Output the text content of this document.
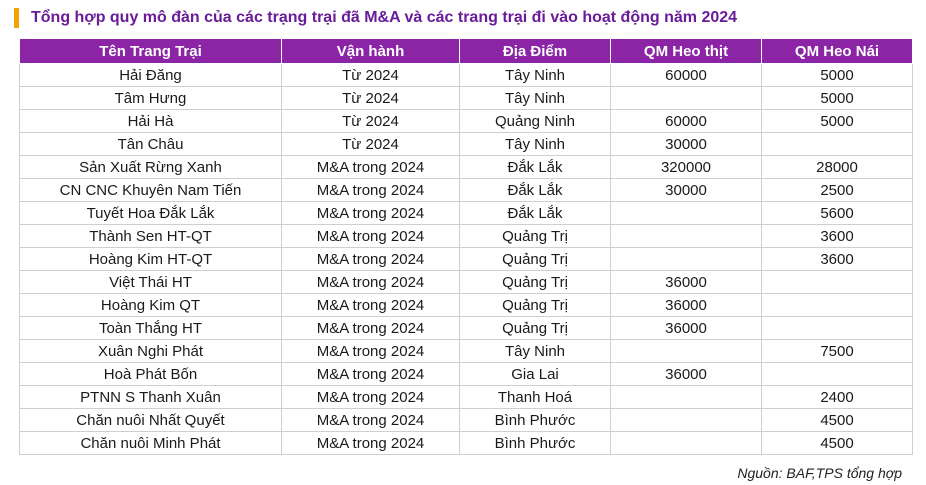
Tổng hợp quy mô đàn của các trạng trại đã M&A và các trang trại đi vào hoạt động năm 2024
Tên Trang Trại	Vận hành	Địa Điểm	QM Heo thịt	QM Heo Nái
Hải Đăng	Từ 2024	Tây Ninh	60000	5000
Tâm Hưng	Từ 2024	Tây Ninh		5000
Hải Hà	Từ 2024	Quảng Ninh	60000	5000
Tân Châu	Từ 2024	Tây Ninh	30000	
Sản Xuất Rừng Xanh	M&A trong 2024	Đắk Lắk	320000	28000
CN CNC Khuyên Nam Tiến	M&A trong 2024	Đắk Lắk	30000	2500
Tuyết Hoa Đắk Lắk	M&A trong 2024	Đắk Lắk		5600
Thành Sen HT-QT	M&A trong 2024	Quảng Trị		3600
Hoàng Kim HT-QT	M&A trong 2024	Quảng Trị		3600
Việt Thái HT	M&A trong 2024	Quảng Trị	36000	
Hoàng Kim QT	M&A trong 2024	Quảng Trị	36000	
Toàn Thắng HT	M&A trong 2024	Quảng Trị	36000	
Xuân Nghi Phát	M&A trong 2024	Tây Ninh		7500
Hoà Phát Bốn	M&A trong 2024	Gia Lai	36000	
PTNN S Thanh Xuân	M&A trong 2024	Thanh Hoá		2400
Chăn nuôi Nhất Quyết	M&A trong 2024	Bình Phước		4500
Chăn nuôi Minh Phát	M&A trong 2024	Bình Phước		4500
Nguồn: BAF,TPS tổng hợp
